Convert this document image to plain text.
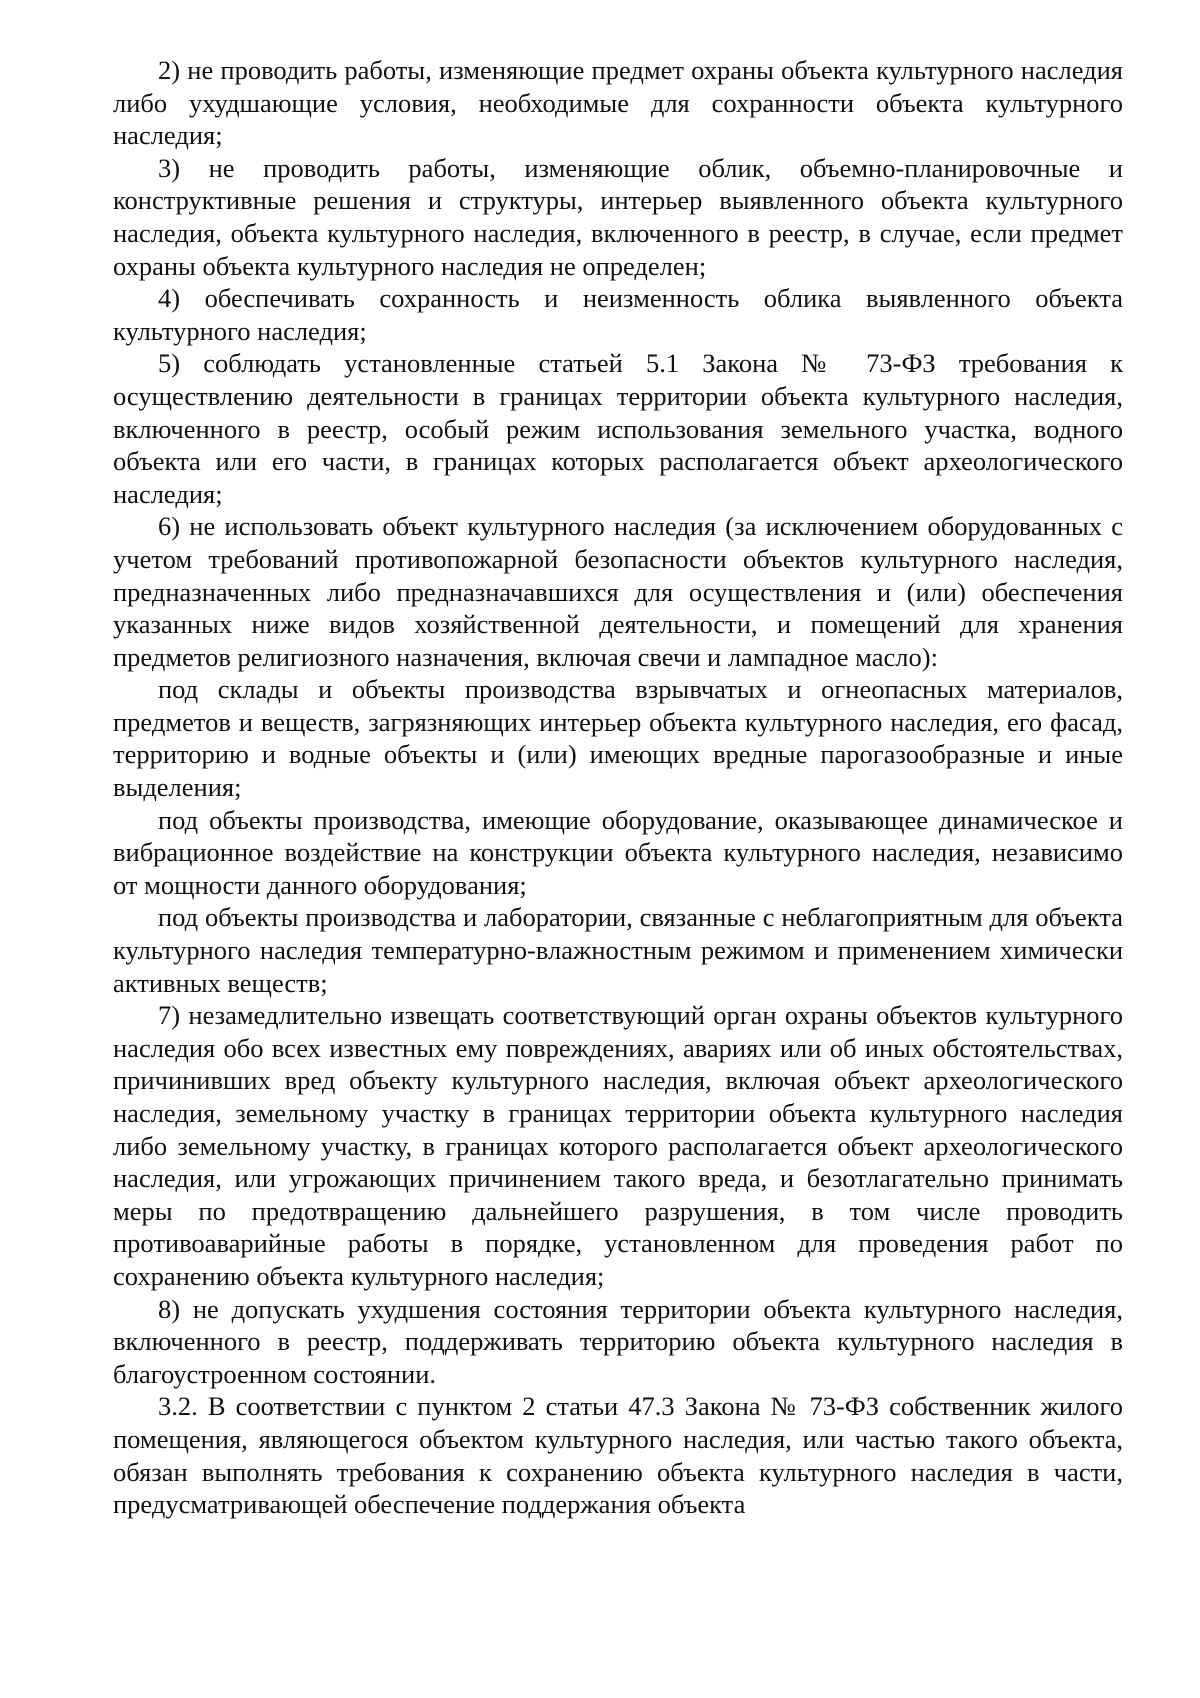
2) не проводить работы, изменяющие предмет охраны объекта культурного наследия либо ухудшающие условия, необходимые для сохранности объекта культурного наследия;

3) не проводить работы, изменяющие облик, объемно-планировочные и конструктивные решения и структуры, интерьер выявленного объекта культурного наследия, объекта культурного наследия, включенного в реестр, в случае, если предмет охраны объекта культурного наследия не определен;

4) обеспечивать сохранность и неизменность облика выявленного объекта культурного наследия;

5) соблюдать установленные статьей 5.1 Закона № 73-ФЗ требования к осуществлению деятельности в границах территории объекта культурного наследия, включенного в реестр, особый режим использования земельного участка, водного объекта или его части, в границах которых располагается объект археологического наследия;

6) не использовать объект культурного наследия (за исключением оборудованных с учетом требований противопожарной безопасности объектов культурного наследия, предназначенных либо предназначавшихся для осуществления и (или) обеспечения указанных ниже видов хозяйственной деятельности, и помещений для хранения предметов религиозного назначения, включая свечи и лампадное масло):

под склады и объекты производства взрывчатых и огнеопасных материалов, предметов и веществ, загрязняющих интерьер объекта культурного наследия, его фасад, территорию и водные объекты и (или) имеющих вредные парогазообразные и иные выделения;

под объекты производства, имеющие оборудование, оказывающее динамическое и вибрационное воздействие на конструкции объекта культурного наследия, независимо от мощности данного оборудования;

под объекты производства и лаборатории, связанные с неблагоприятным для объекта культурного наследия температурно-влажностным режимом и применением химически активных веществ;

7) незамедлительно извещать соответствующий орган охраны объектов культурного наследия обо всех известных ему повреждениях, авариях или об иных обстоятельствах, причинивших вред объекту культурного наследия, включая объект археологического наследия, земельному участку в границах территории объекта культурного наследия либо земельному участку, в границах которого располагается объект археологического наследия, или угрожающих причинением такого вреда, и безотлагательно принимать меры по предотвращению дальнейшего разрушения, в том числе проводить противоаварийные работы в порядке, установленном для проведения работ по сохранению объекта культурного наследия;

8) не допускать ухудшения состояния территории объекта культурного наследия, включенного в реестр, поддерживать территорию объекта культурного наследия в благоустроенном состоянии.

3.2. В соответствии с пунктом 2 статьи 47.3 Закона № 73-ФЗ собственник жилого помещения, являющегося объектом культурного наследия, или частью такого объекта, обязан выполнять требования к сохранению объекта культурного наследия в части, предусматривающей обеспечение поддержания объекта
